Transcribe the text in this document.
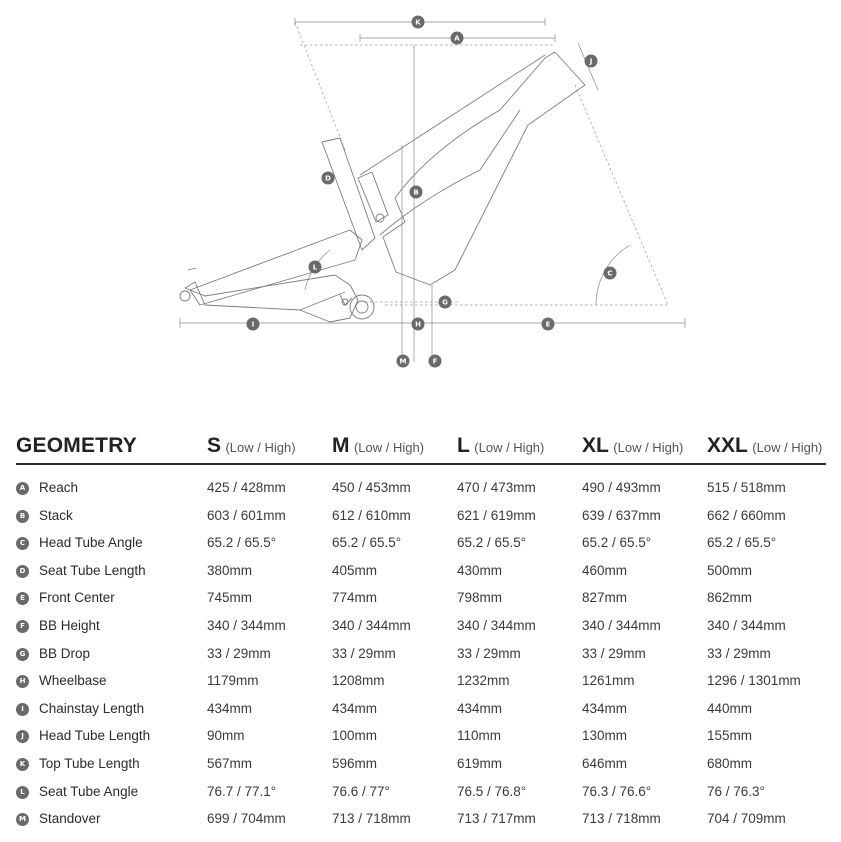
K
A
J
D
B
L
C
G
I	H	E
M	F
GEOMETRY	S (Low / High) M (Low / High) L (Low / High) XL (Low / High) XXL (Low / High)
A Reach	425 / 428mm	450 / 453mm	470 / 473mm	490 / 493mm	515 / 518mm
B Stack	603 / 601mm	612 / 610mm	621 / 619mm	639 / 637mm	662 / 660mm
C Head Tube Angle	65.2 / 65.5°	65.2 / 65.5°	65.2 / 65.5°	65.2 / 65.5°	65.2 / 65.5°
D Seat Tube Length	380mm	405mm	430mm	460mm	500mm
E	Front Center	745mm	774mm	798mm	827mm	862mm
F	BB Height	340 / 344mm	340 / 344mm	340 / 344mm	340 / 344mm	340 / 344mm
G BB Drop	33 / 29mm	33 / 29mm	33 / 29mm	33 / 29mm	33 / 29mm
H Wheelbase	1179mm	1208mm	1232mm	1261mm	1296 / 1301mm
I	Chainstay Length	434mm	434mm	434mm	434mm	440mm
J	Head Tube Length	90mm	100mm	110mm	130mm	155mm
K Top Tube Length	567mm	596mm	619mm	646mm	680mm
L	Seat Tube Angle	76.7 / 77.1°	76.6 / 77°	76.5 / 76.8°	76.3 / 76.6°	76 / 76.3°
M Standover	699 / 704mm	713 / 718mm	713 / 717mm	713 / 718mm	704 / 709mm
